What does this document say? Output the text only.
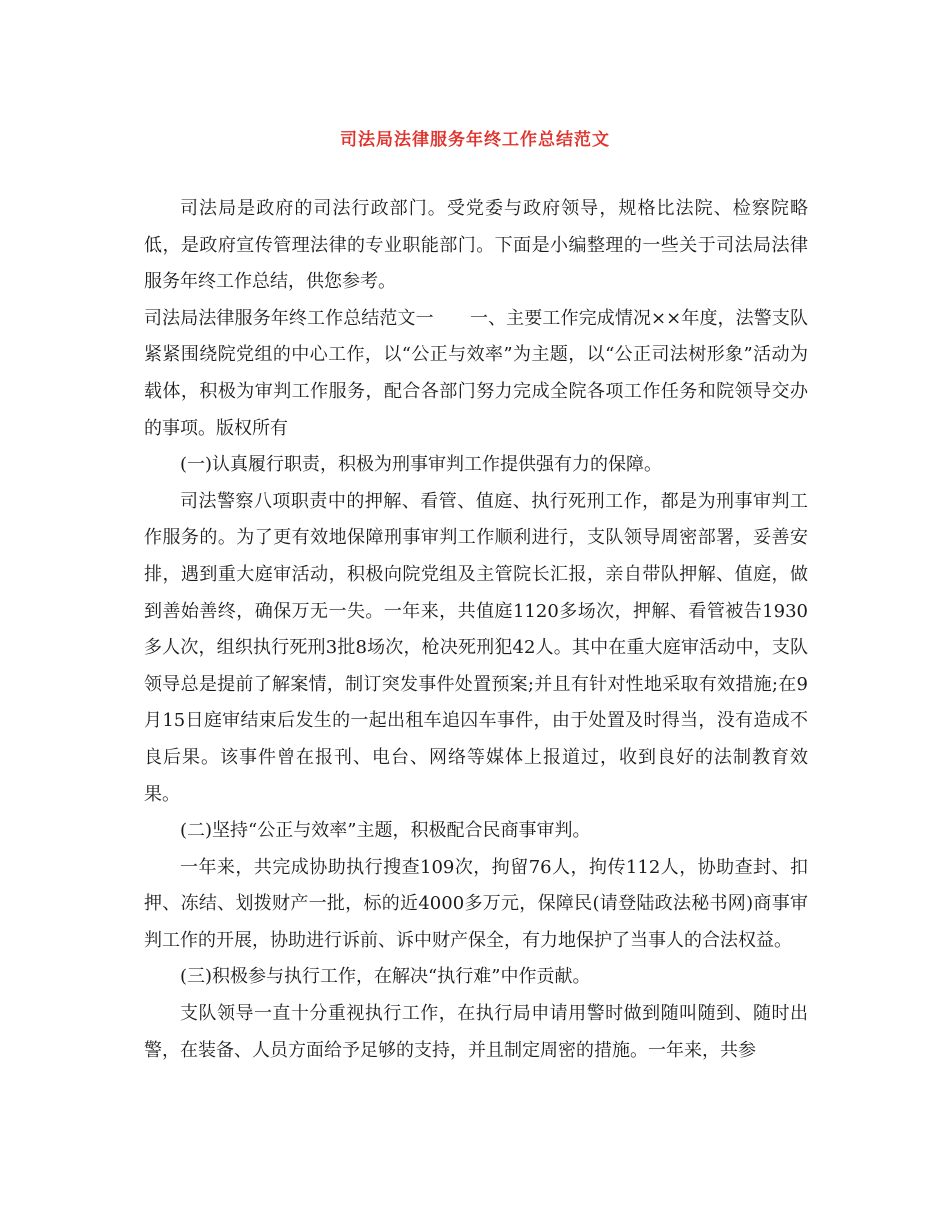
司法局法律服务年终工作总结范文

司法局是政府的司法行政部门。受党委与政府领导，规格比法院、检察院略低，是政府宣传管理法律的专业职能部门。下面是小编整理的一些关于司法局法律服务年终工作总结，供您参考。

司法局法律服务年终工作总结范文一　　一、主要工作完成情况××年度，法警支队紧紧围绕院党组的中心工作，以“公正与效率”为主题，以“公正司法树形象”活动为载体，积极为审判工作服务，配合各部门努力完成全院各项工作任务和院领导交办的事项。版权所有

(一)认真履行职责，积极为刑事审判工作提供强有力的保障。

司法警察八项职责中的押解、看管、值庭、执行死刑工作，都是为刑事审判工作服务的。为了更有效地保障刑事审判工作顺利进行，支队领导周密部署，妥善安排，遇到重大庭审活动，积极向院党组及主管院长汇报，亲自带队押解、值庭，做到善始善终，确保万无一失。一年来，共值庭1120多场次，押解、看管被告1930多人次，组织执行死刑3批8场次，枪决死刑犯42人。其中在重大庭审活动中，支队领导总是提前了解案情，制订突发事件处置预案;并且有针对性地采取有效措施;在9月15日庭审结束后发生的一起出租车追囚车事件，由于处置及时得当，没有造成不良后果。该事件曾在报刊、电台、网络等媒体上报道过，收到良好的法制教育效果。

(二)坚持“公正与效率”主题，积极配合民商事审判。

一年来，共完成协助执行搜查109次，拘留76人，拘传112人，协助查封、扣押、冻结、划拨财产一批，标的近4000多万元，保障民(请登陆政法秘书网)商事审判工作的开展，协助进行诉前、诉中财产保全，有力地保护了当事人的合法权益。

(三)积极参与执行工作，在解决“执行难”中作贡献。

支队领导一直十分重视执行工作，在执行局申请用警时做到随叫随到、随时出警，在装备、人员方面给予足够的支持，并且制定周密的措施。一年来，共参
